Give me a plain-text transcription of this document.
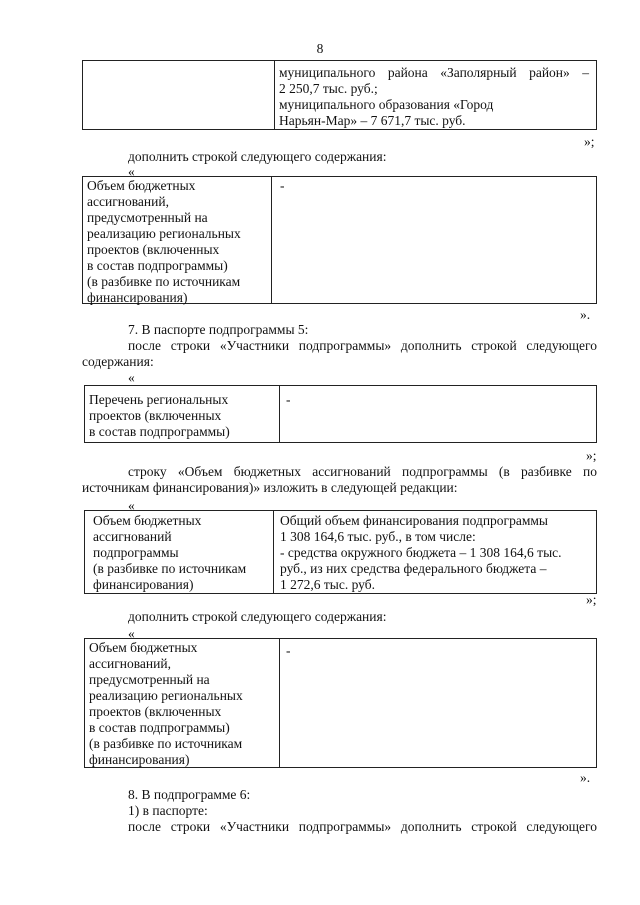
8
муниципального района «Заполярный район» –
2 250,7 тыс. руб.;
муниципального образования «Город
Нарьян-Мар» – 7 671,7 тыс. руб.
»;
дополнить строкой следующего содержания:
«
Объем бюджетных
ассигнований,
предусмотренный на
реализацию региональных
проектов (включенных
в состав подпрограммы)
(в разбивке по источникам
финансирования)
-
».
7. В паспорте подпрограммы 5:
после строки «Участники подпрограммы» дополнить строкой следующего
содержания:
«
Перечень региональных
проектов (включенных
в состав подпрограммы)
-
»;
строку «Объем бюджетных ассигнований подпрограммы (в разбивке по
источникам финансирования)» изложить в следующей редакции:
«
Объем бюджетных
ассигнований
подпрограммы
(в разбивке по источникам
финансирования)
Общий объем финансирования подпрограммы
1 308 164,6 тыс. руб., в том числе:
- средства окружного бюджета – 1 308 164,6 тыс.
руб., из них средства федерального бюджета –
1 272,6 тыс. руб.
»;
дополнить строкой следующего содержания:
«
Объем бюджетных
ассигнований,
предусмотренный на
реализацию региональных
проектов (включенных
в состав подпрограммы)
(в разбивке по источникам
финансирования)
-
».
8. В подпрограмме 6:
1) в паспорте:
после строки «Участники подпрограммы» дополнить строкой следующего
